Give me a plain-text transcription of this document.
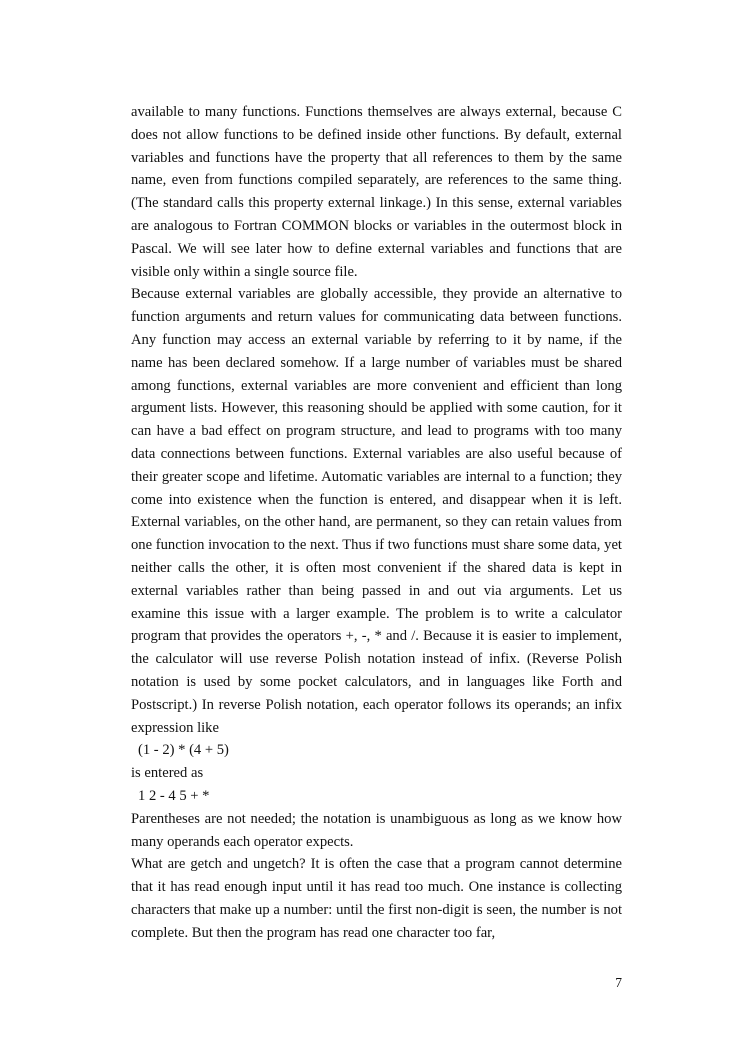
available to many functions. Functions themselves are always external, because C does not allow functions to be defined inside other functions. By default, external variables and functions have the property that all references to them by the same name, even from functions compiled separately, are references to the same thing. (The standard calls this property external linkage.) In this sense, external variables are analogous to Fortran COMMON blocks or variables in the outermost block in Pascal. We will see later how to define external variables and functions that are visible only within a single source file.

Because external variables are globally accessible, they provide an alternative to function arguments and return values for communicating data between functions. Any function may access an external variable by referring to it by name, if the name has been declared somehow. If a large number of variables must be shared among functions, external variables are more convenient and efficient than long argument lists. However, this reasoning should be applied with some caution, for it can have a bad effect on program structure, and lead to programs with too many data connections between functions. External variables are also useful because of their greater scope and lifetime. Automatic variables are internal to a function; they come into existence when the function is entered, and disappear when it is left. External variables, on the other hand, are permanent, so they can retain values from one function invocation to the next. Thus if two functions must share some data, yet neither calls the other, it is often most convenient if the shared data is kept in external variables rather than being passed in and out via arguments. Let us examine this issue with a larger example. The problem is to write a calculator program that provides the operators +, -, * and /. Because it is easier to implement, the calculator will use reverse Polish notation instead of infix. (Reverse Polish notation is used by some pocket calculators, and in languages like Forth and Postscript.) In reverse Polish notation, each operator follows its operands; an infix expression like

(1 - 2) * (4 + 5)

is entered as

1 2 - 4 5 + *

Parentheses are not needed; the notation is unambiguous as long as we know how many operands each operator expects.

What are getch and ungetch? It is often the case that a program cannot determine that it has read enough input until it has read too much. One instance is collecting characters that make up a number: until the first non-digit is seen, the number is not complete. But then the program has read one character too far,

7
